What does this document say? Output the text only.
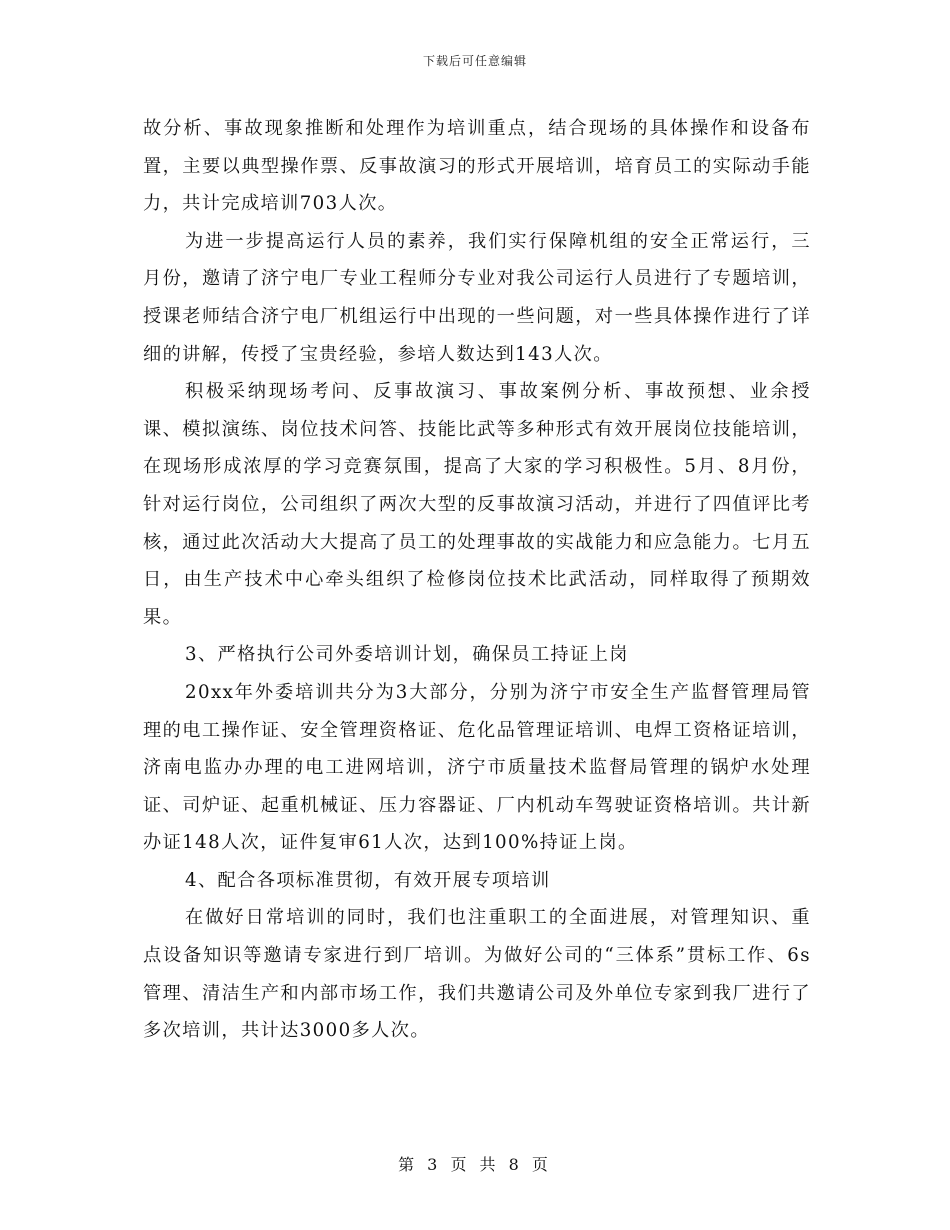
下载后可任意编辑

故分析、事故现象推断和处理作为培训重点，结合现场的具体操作和设备布置，主要以典型操作票、反事故演习的形式开展培训，培育员工的实际动手能力，共计完成培训703人次。

为进一步提高运行人员的素养，我们实行保障机组的安全正常运行，三月份，邀请了济宁电厂专业工程师分专业对我公司运行人员进行了专题培训，授课老师结合济宁电厂机组运行中出现的一些问题，对一些具体操作进行了详细的讲解，传授了宝贵经验，参培人数达到143人次。

积极采纳现场考问、反事故演习、事故案例分析、事故预想、业余授课、模拟演练、岗位技术问答、技能比武等多种形式有效开展岗位技能培训，在现场形成浓厚的学习竞赛氛围，提高了大家的学习积极性。5月、8月份，针对运行岗位，公司组织了两次大型的反事故演习活动，并进行了四值评比考核，通过此次活动大大提高了员工的处理事故的实战能力和应急能力。七月五日，由生产技术中心牵头组织了检修岗位技术比武活动，同样取得了预期效果。

3、严格执行公司外委培训计划，确保员工持证上岗

20xx年外委培训共分为3大部分，分别为济宁市安全生产监督管理局管理的电工操作证、安全管理资格证、危化品管理证培训、电焊工资格证培训，济南电监办办理的电工进网培训，济宁市质量技术监督局管理的锅炉水处理证、司炉证、起重机械证、压力容器证、厂内机动车驾驶证资格培训。共计新办证148人次，证件复审61人次，达到100%持证上岗。

4、配合各项标准贯彻，有效开展专项培训

在做好日常培训的同时，我们也注重职工的全面进展，对管理知识、重点设备知识等邀请专家进行到厂培训。为做好公司的“三体系”贯标工作、6s管理、清洁生产和内部市场工作，我们共邀请公司及外单位专家到我厂进行了多次培训，共计达3000多人次。

第 3 页 共 8 页
